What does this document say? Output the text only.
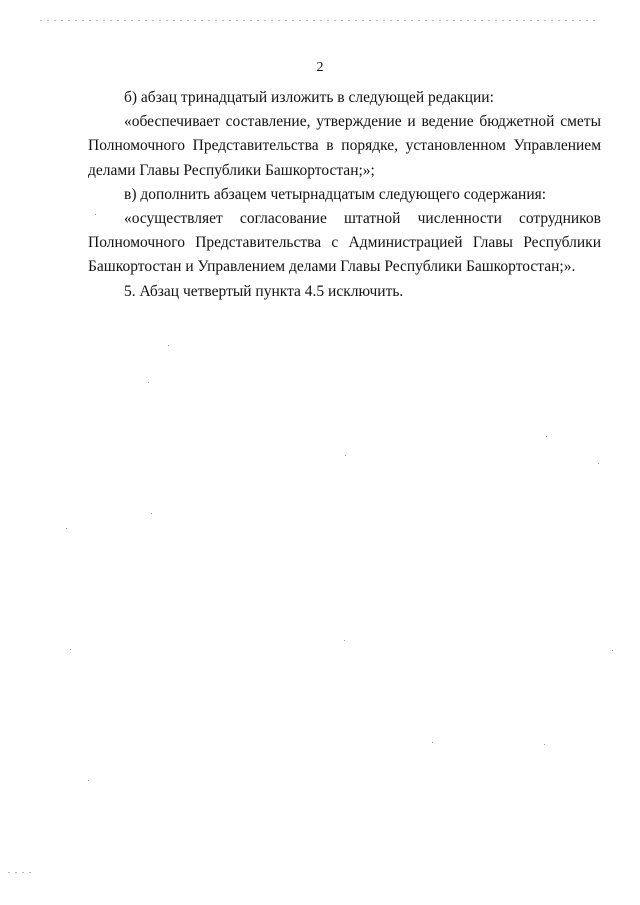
2

б) абзац тринадцатый изложить в следующей редакции:

«обеспечивает составление, утверждение и ведение бюджетной сметы Полномочного Представительства в порядке, установленном Управлением делами Главы Республики Башкортостан;»;

в) дополнить абзацем четырнадцатым следующего содержания:

«осуществляет согласование штатной численности сотрудников Полномочного Представительства с Администрацией Главы Республики Башкортостан и Управлением делами Главы Республики Башкортостан;».

5. Абзац четвертый пункта 4.5 исключить.
